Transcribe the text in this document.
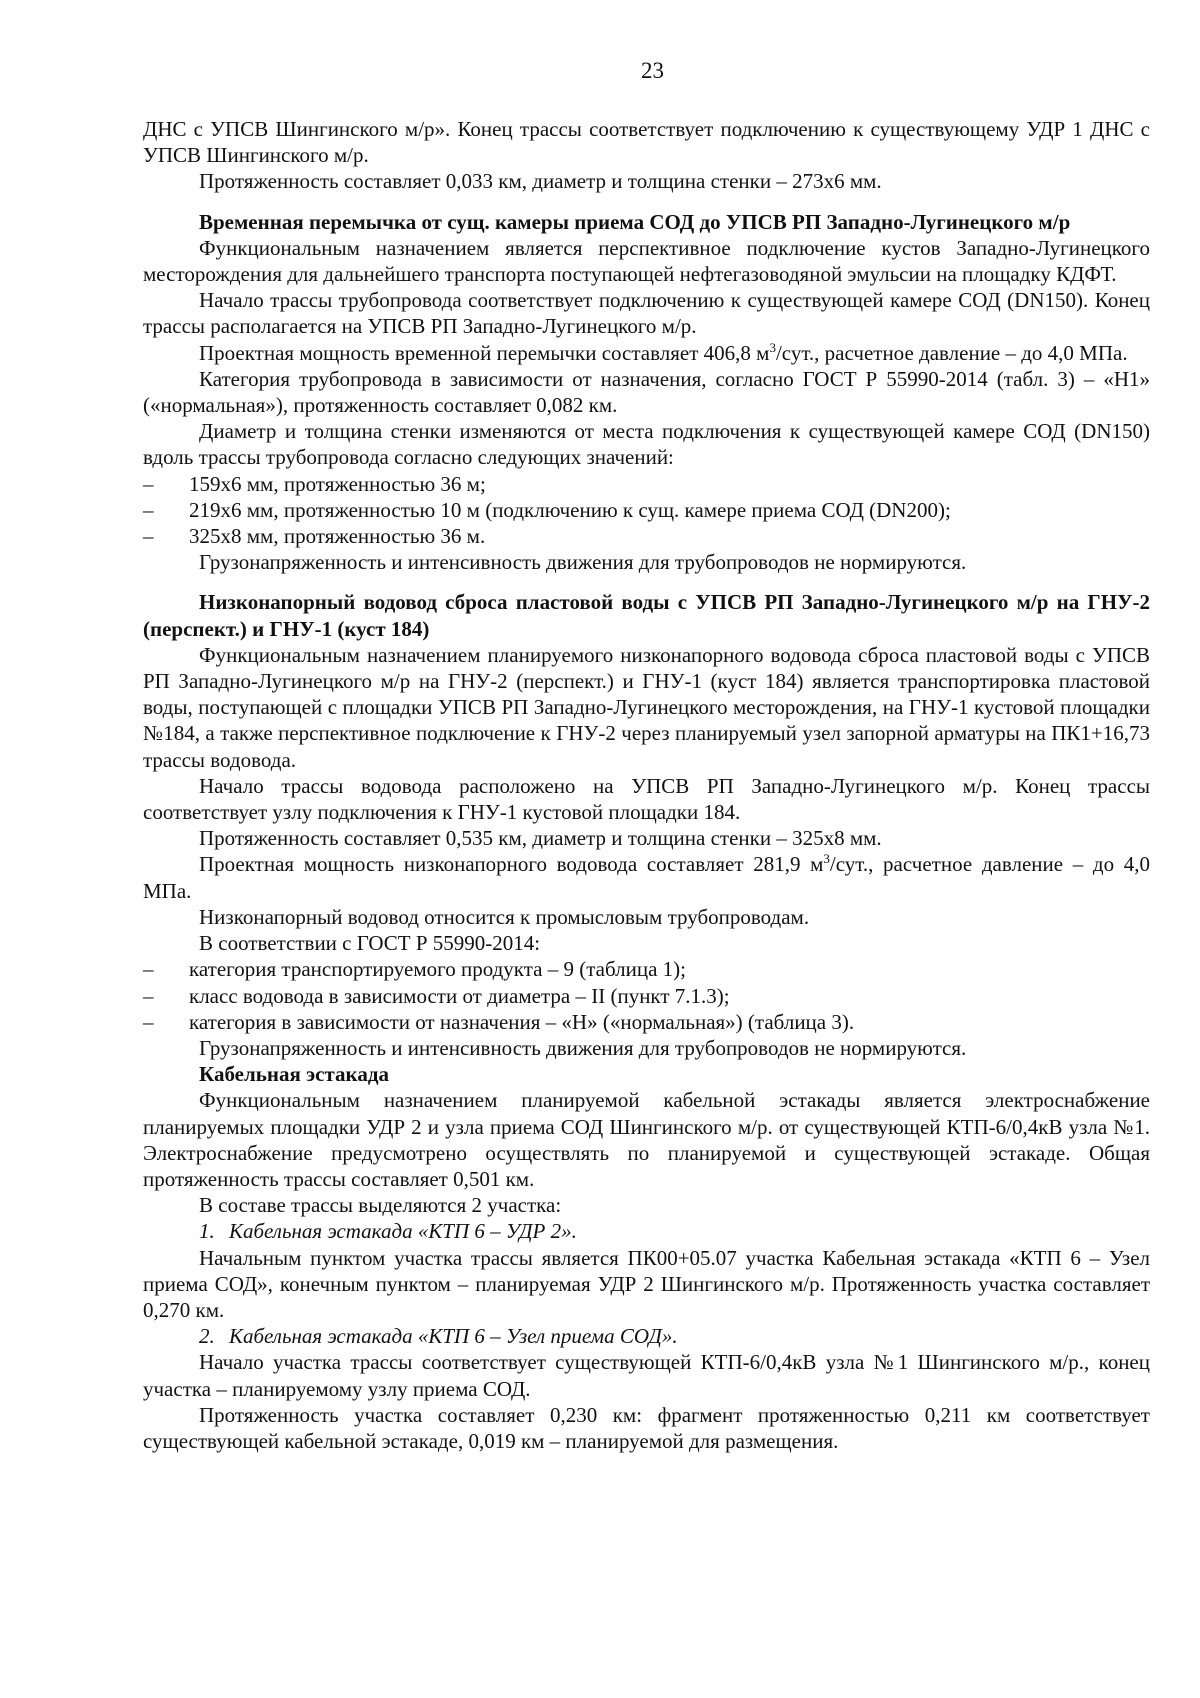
23

ДНС с УПСВ Шингинского м/р». Конец трассы соответствует подключению к существующему УДР 1 ДНС с УПСВ Шингинского м/р.

Протяженность составляет 0,033 км, диаметр и толщина стенки – 273х6 мм.

Временная перемычка от сущ. камеры приема СОД до УПСВ РП Западно-Лугинецкого м/р

Функциональным назначением является перспективное подключение кустов Западно-Лугинецкого месторождения для дальнейшего транспорта поступающей нефтегазоводяной эмульсии на площадку КДФТ.

Начало трассы трубопровода соответствует подключению к существующей камере СОД (DN150). Конец трассы располагается на УПСВ РП Западно-Лугинецкого м/р.

Проектная мощность временной перемычки составляет 406,8 $м^3$/сут., расчетное давление – до 4,0 МПа.

Категория трубопровода в зависимости от назначения, согласно ГОСТ Р 55990-2014 (табл. 3) – «Н1» («нормальная»), протяженность составляет 0,082 км.

Диаметр и толщина стенки изменяются от места подключения к существующей камере СОД (DN150) вдоль трассы трубопровода согласно следующих значений:

–	159х6 мм, протяженностью 36 м;
–	219х6 мм, протяженностью 10 м (подключению к сущ. камере приема СОД (DN200);
–	325х8 мм, протяженностью 36 м.

Грузонапряженность и интенсивность движения для трубопроводов не нормируются.

Низконапорный водовод сброса пластовой воды с УПСВ РП Западно-Лугинецкого м/р на ГНУ-2 (перспект.) и ГНУ-1 (куст 184)

Функциональным назначением планируемого низконапорного водовода сброса пластовой воды с УПСВ РП Западно-Лугинецкого м/р на ГНУ-2 (перспект.) и ГНУ-1 (куст 184) является транспортировка пластовой воды, поступающей с площадки УПСВ РП Западно-Лугинецкого месторождения, на ГНУ-1 кустовой площадки №184, а также перспективное подключение к ГНУ-2 через планируемый узел запорной арматуры на ПК1+16,73 трассы водовода.

Начало трассы водовода расположено на УПСВ РП Западно-Лугинецкого м/р. Конец трассы соответствует узлу подключения к ГНУ-1 кустовой площадки 184.

Протяженность составляет 0,535 км, диаметр и толщина стенки – 325х8 мм.

Проектная мощность низконапорного водовода составляет 281,9 $м^3$/сут., расчетное давление – до 4,0 МПа.

Низконапорный водовод относится к промысловым трубопроводам.

В соответствии с ГОСТ Р 55990-2014:

–	категория транспортируемого продукта – 9 (таблица 1);
–	класс водовода в зависимости от диаметра – II (пункт 7.1.3);
–	категория в зависимости от назначения – «Н» («нормальная») (таблица 3).

Грузонапряженность и интенсивность движения для трубопроводов не нормируются.

Кабельная эстакада

Функциональным назначением планируемой кабельной эстакады является электроснабжение планируемых площадки УДР 2 и узла приема СОД Шингинского м/р. от существующей КТП-6/0,4кВ узла №1. Электроснабжение предусмотрено осуществлять по планируемой и существующей эстакаде. Общая протяженность трассы составляет 0,501 км.

В составе трассы выделяются 2 участка:

1. Кабельная эстакада «КТП 6 – УДР 2».

Начальным пунктом участка трассы является ПК00+05.07 участка Кабельная эстакада «КТП 6 – Узел приема СОД», конечным пунктом – планируемая УДР 2 Шингинского м/р. Протяженность участка составляет 0,270 км.

2. Кабельная эстакада «КТП 6 – Узел приема СОД».

Начало участка трассы соответствует существующей КТП-6/0,4кВ узла №1 Шингинского м/р., конец участка – планируемому узлу приема СОД.

Протяженность участка составляет 0,230 км: фрагмент протяженностью 0,211 км соответствует существующей кабельной эстакаде, 0,019 км – планируемой для размещения.
